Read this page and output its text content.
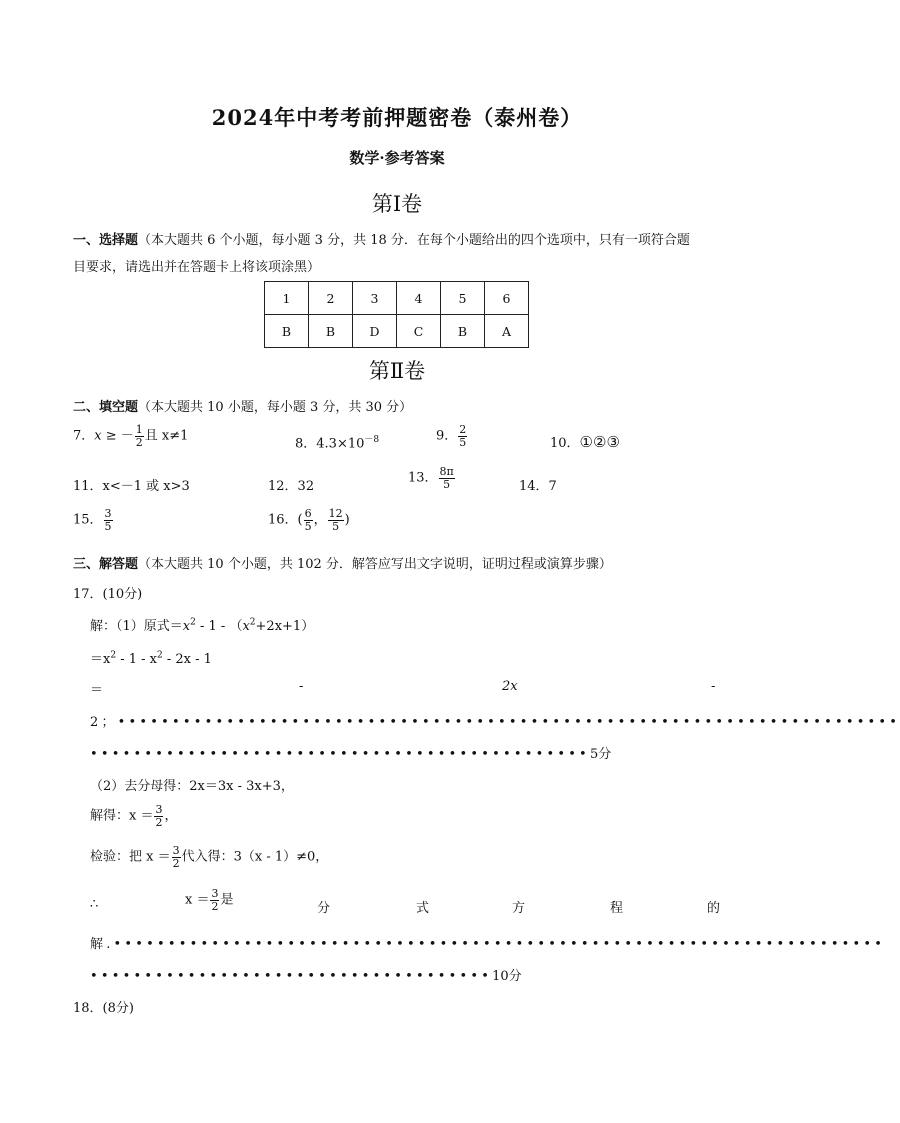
2024年中考考前押题密卷（泰州卷）
数学·参考答案
第Ⅰ卷
一、选择题（本大题共 6 个小题，每小题 3 分，共 18 分．在每个小题给出的四个选项中，只有一项符合题
目要求，请选出并在答题卡上将该项涂黑）
1	2	3	4	5	6
B	B	D	C	B	A
第Ⅱ卷
二、填空题（本大题共 10 小题，每小题 3 分，共 30 分）
7．x ≥ － $\frac{1}{2}$ 且 x≠1
8．$4.3\times 10^{-8}$	9． $\frac{2}{5}$	10．①②③
11．x<－1 或 x>3	12．32
13． $\frac{8\pi}{5}$	14．7
15． $\frac{3}{5}$	16．( $\frac{6}{5}$ ， $\frac{12}{5}$ )
三、解答题（本大题共 10 个小题，共 102 分．解答应写出文字说明，证明过程或演算步骤）
17．(10分)
解：（1）原式$=x^2 - 1 - (x^2+2x+1)$
$=x^2 - 1 - x^2 - 2x - 1$
＝	-	2x	-
2；••••••••••••••••••••••••••••••••••••••••••••••••••••••••••••••••••••••••
••••••••••••••••••••••••••••••••••••••••••••••5分
（2）去分母得：2x＝3x - 3x+3，
解得：$x = \frac{3}{2}$ ，
检验：把 $x = \frac{3}{2}$ 代入得：3（x - 1）≠0，
∴	$x = \frac{3}{2}$ 是
分	式	方	程	的
解.•••••••••••••••••••••••••••••••••••••••••••••••••••••••••••••••••••••••
•••••••••••••••••••••••••••••••••••••10分
18．(8分)
